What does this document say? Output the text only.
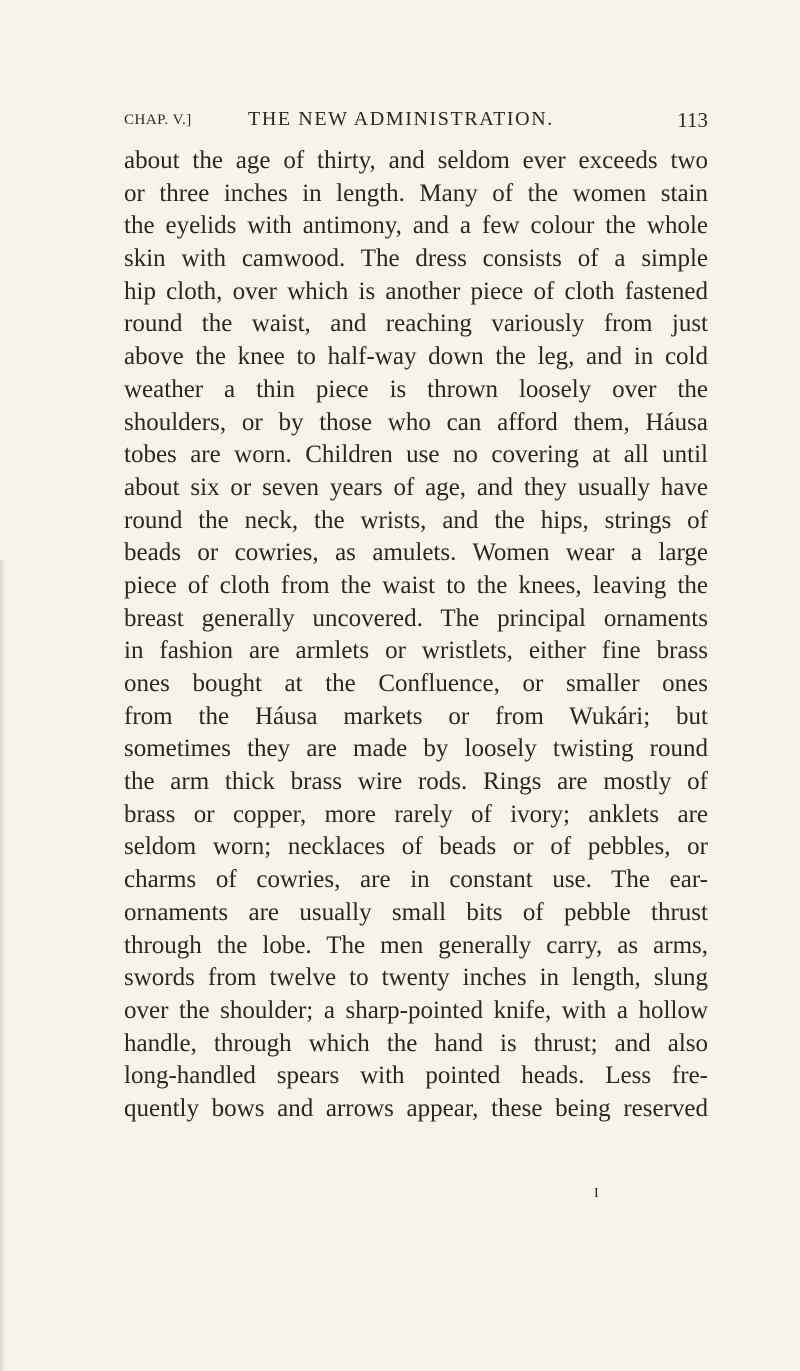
CHAP. V.]	THE NEW ADMINISTRATION.	113
about the age of thirty, and seldom ever exceeds two
or three inches in length. Many of the women stain
the eyelids with antimony, and a few colour the whole
skin with camwood. The dress consists of a simple
hip cloth, over which is another piece of cloth fastened
round the waist, and reaching variously from just
above the knee to half-way down the leg, and in cold
weather a thin piece is thrown loosely over the
shoulders, or by those who can afford them, Háusa
tobes are worn. Children use no covering at all until
about six or seven years of age, and they usually have
round the neck, the wrists, and the hips, strings of
beads or cowries, as amulets. Women wear a large
piece of cloth from the waist to the knees, leaving the
breast generally uncovered. The principal ornaments
in fashion are armlets or wristlets, either fine brass
ones bought at the Confluence, or smaller ones
from the Háusa markets or from Wukári; but
sometimes they are made by loosely twisting round
the arm thick brass wire rods. Rings are mostly of
brass or copper, more rarely of ivory; anklets are
seldom worn; necklaces of beads or of pebbles, or
charms of cowries, are in constant use. The ear-
ornaments are usually small bits of pebble thrust
through the lobe. The men generally carry, as arms,
swords from twelve to twenty inches in length, slung
over the shoulder; a sharp-pointed knife, with a hollow
handle, through which the hand is thrust; and also
long-handled spears with pointed heads. Less fre-
quently bows and arrows appear, these being reserved
I
